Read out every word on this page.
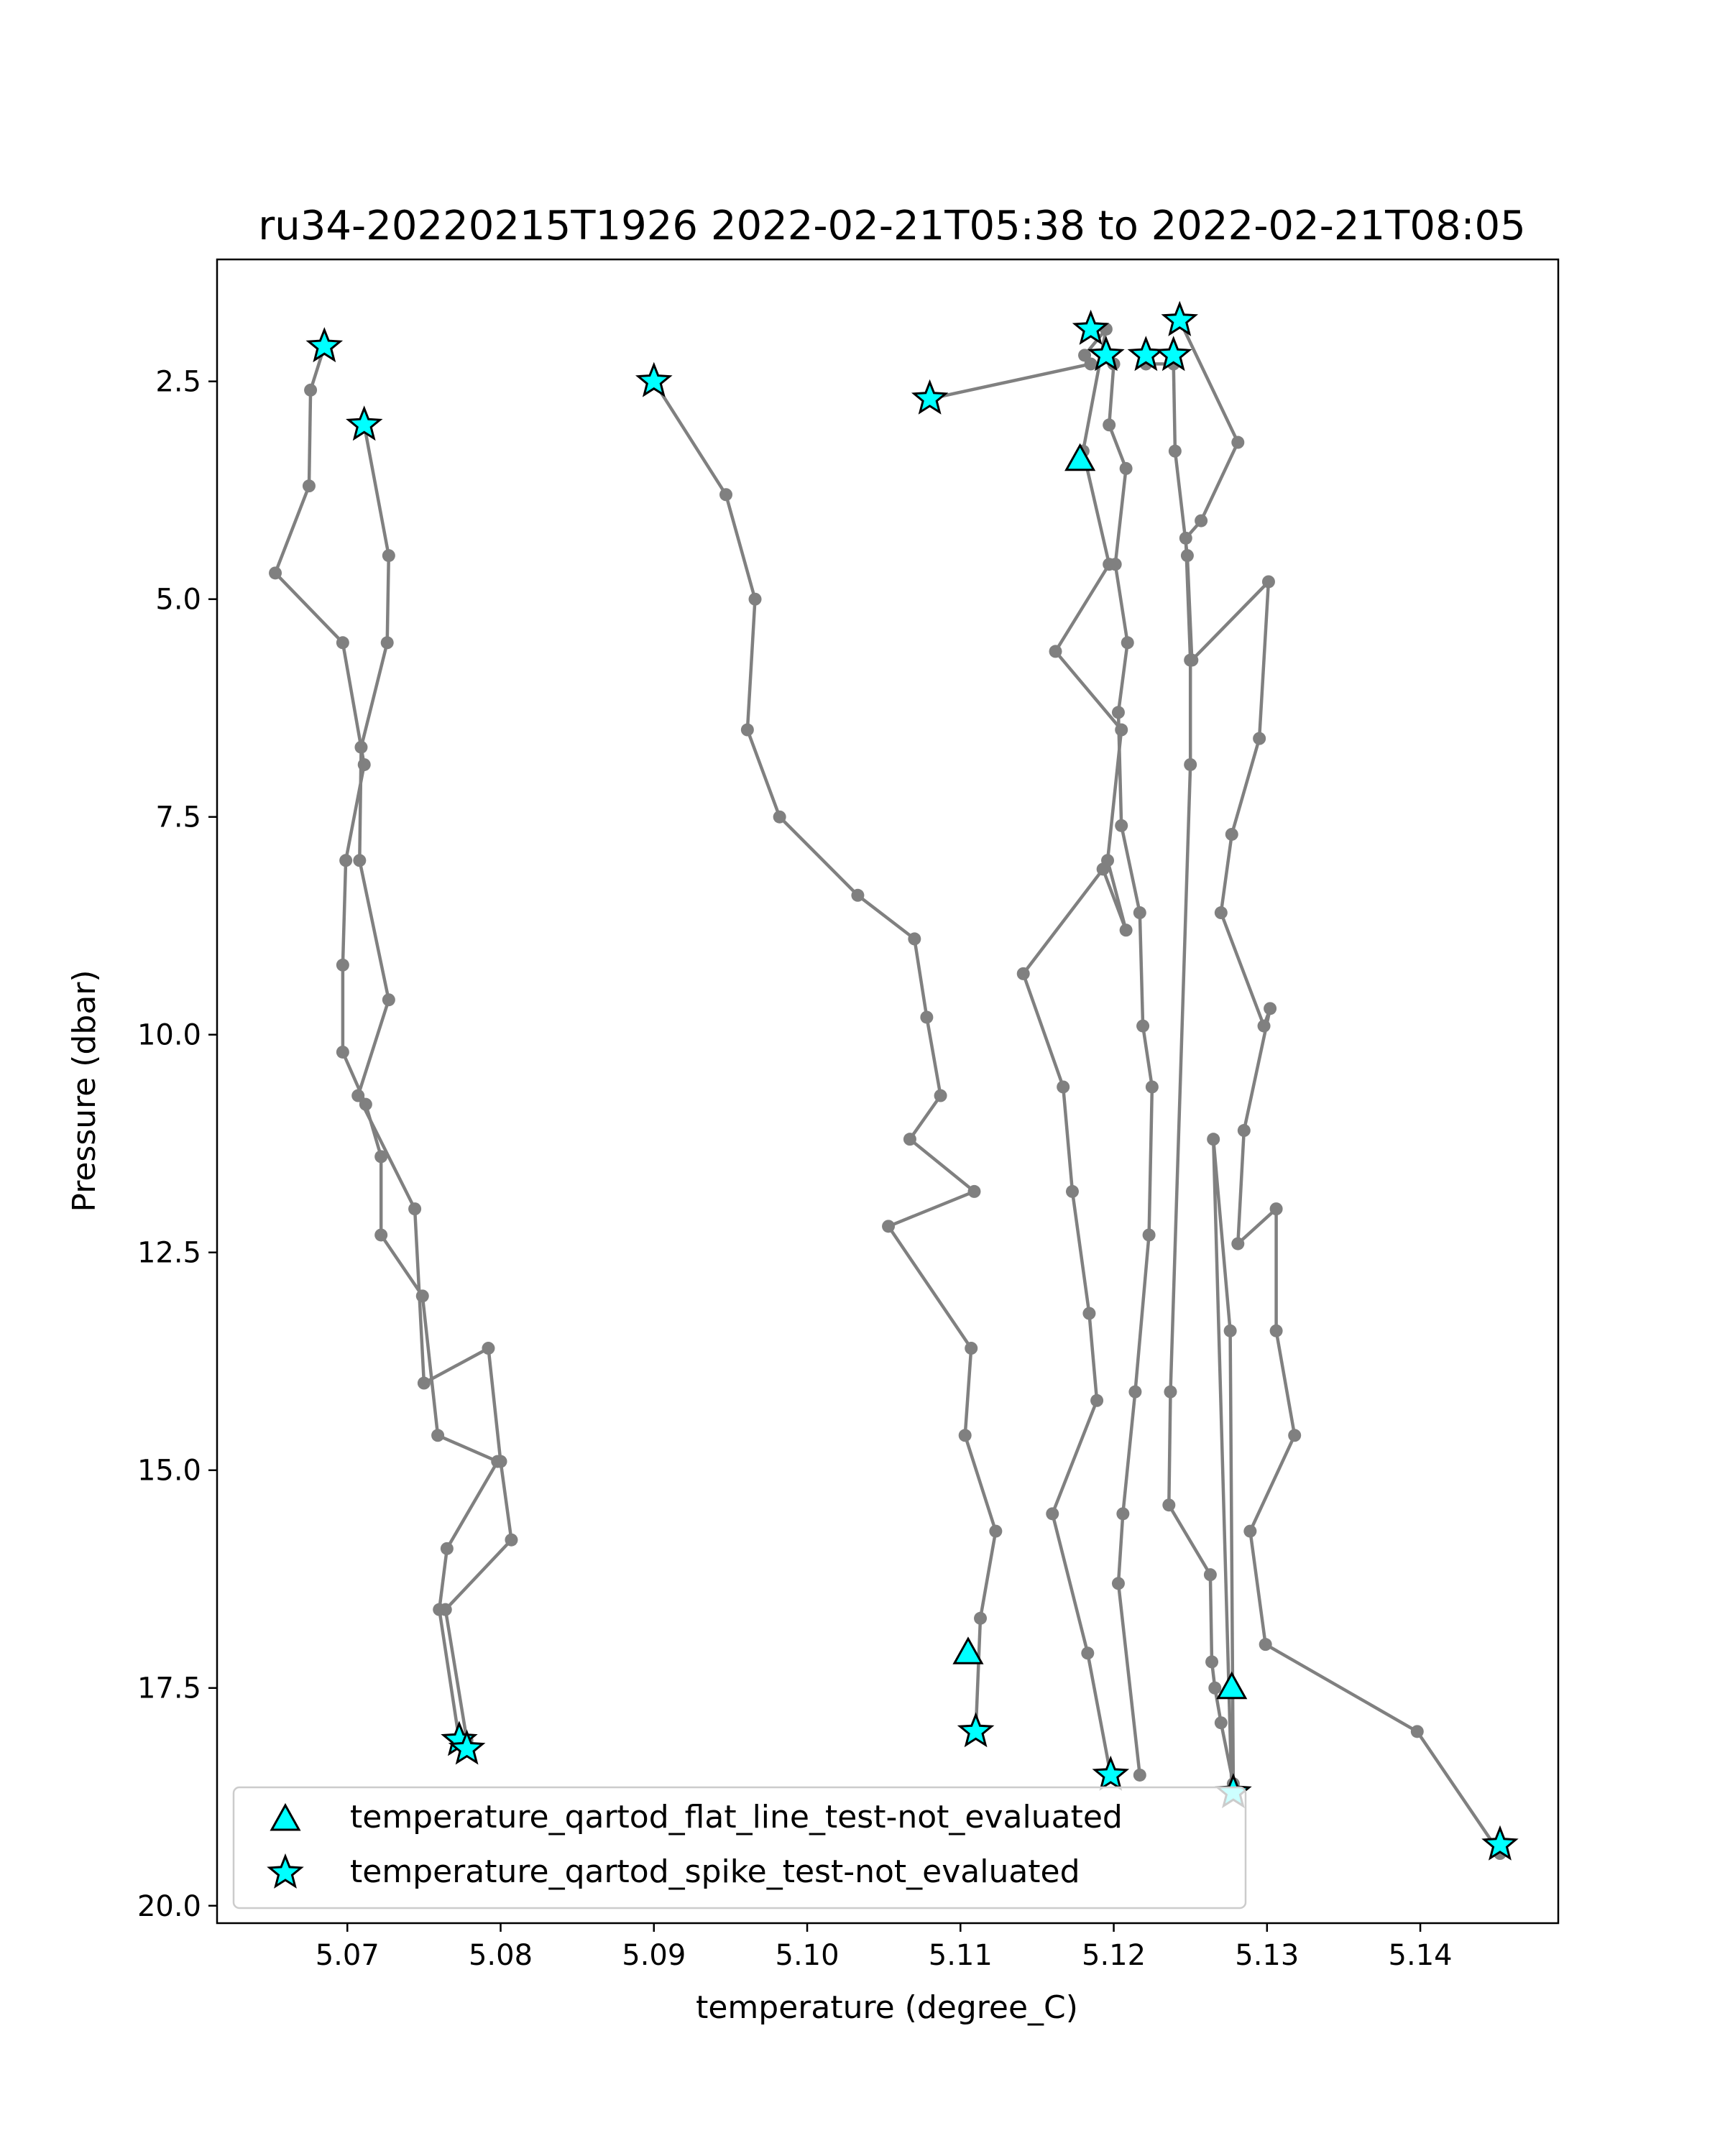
ru34-20220215T1926 2022-02-21T05:38 to 2022-02-21T08:05
5.07	5.08	5.09	5.10	5.11	5.12	5.13	5.14
2.5
5.0
7.5
10.0
12.5
15.0
17.5
20.0
temperature (degree_C)
Pressure (dbar)
temperature_qartod_flat_line_test-not_evaluated
temperature_qartod_spike_test-not_evaluated
